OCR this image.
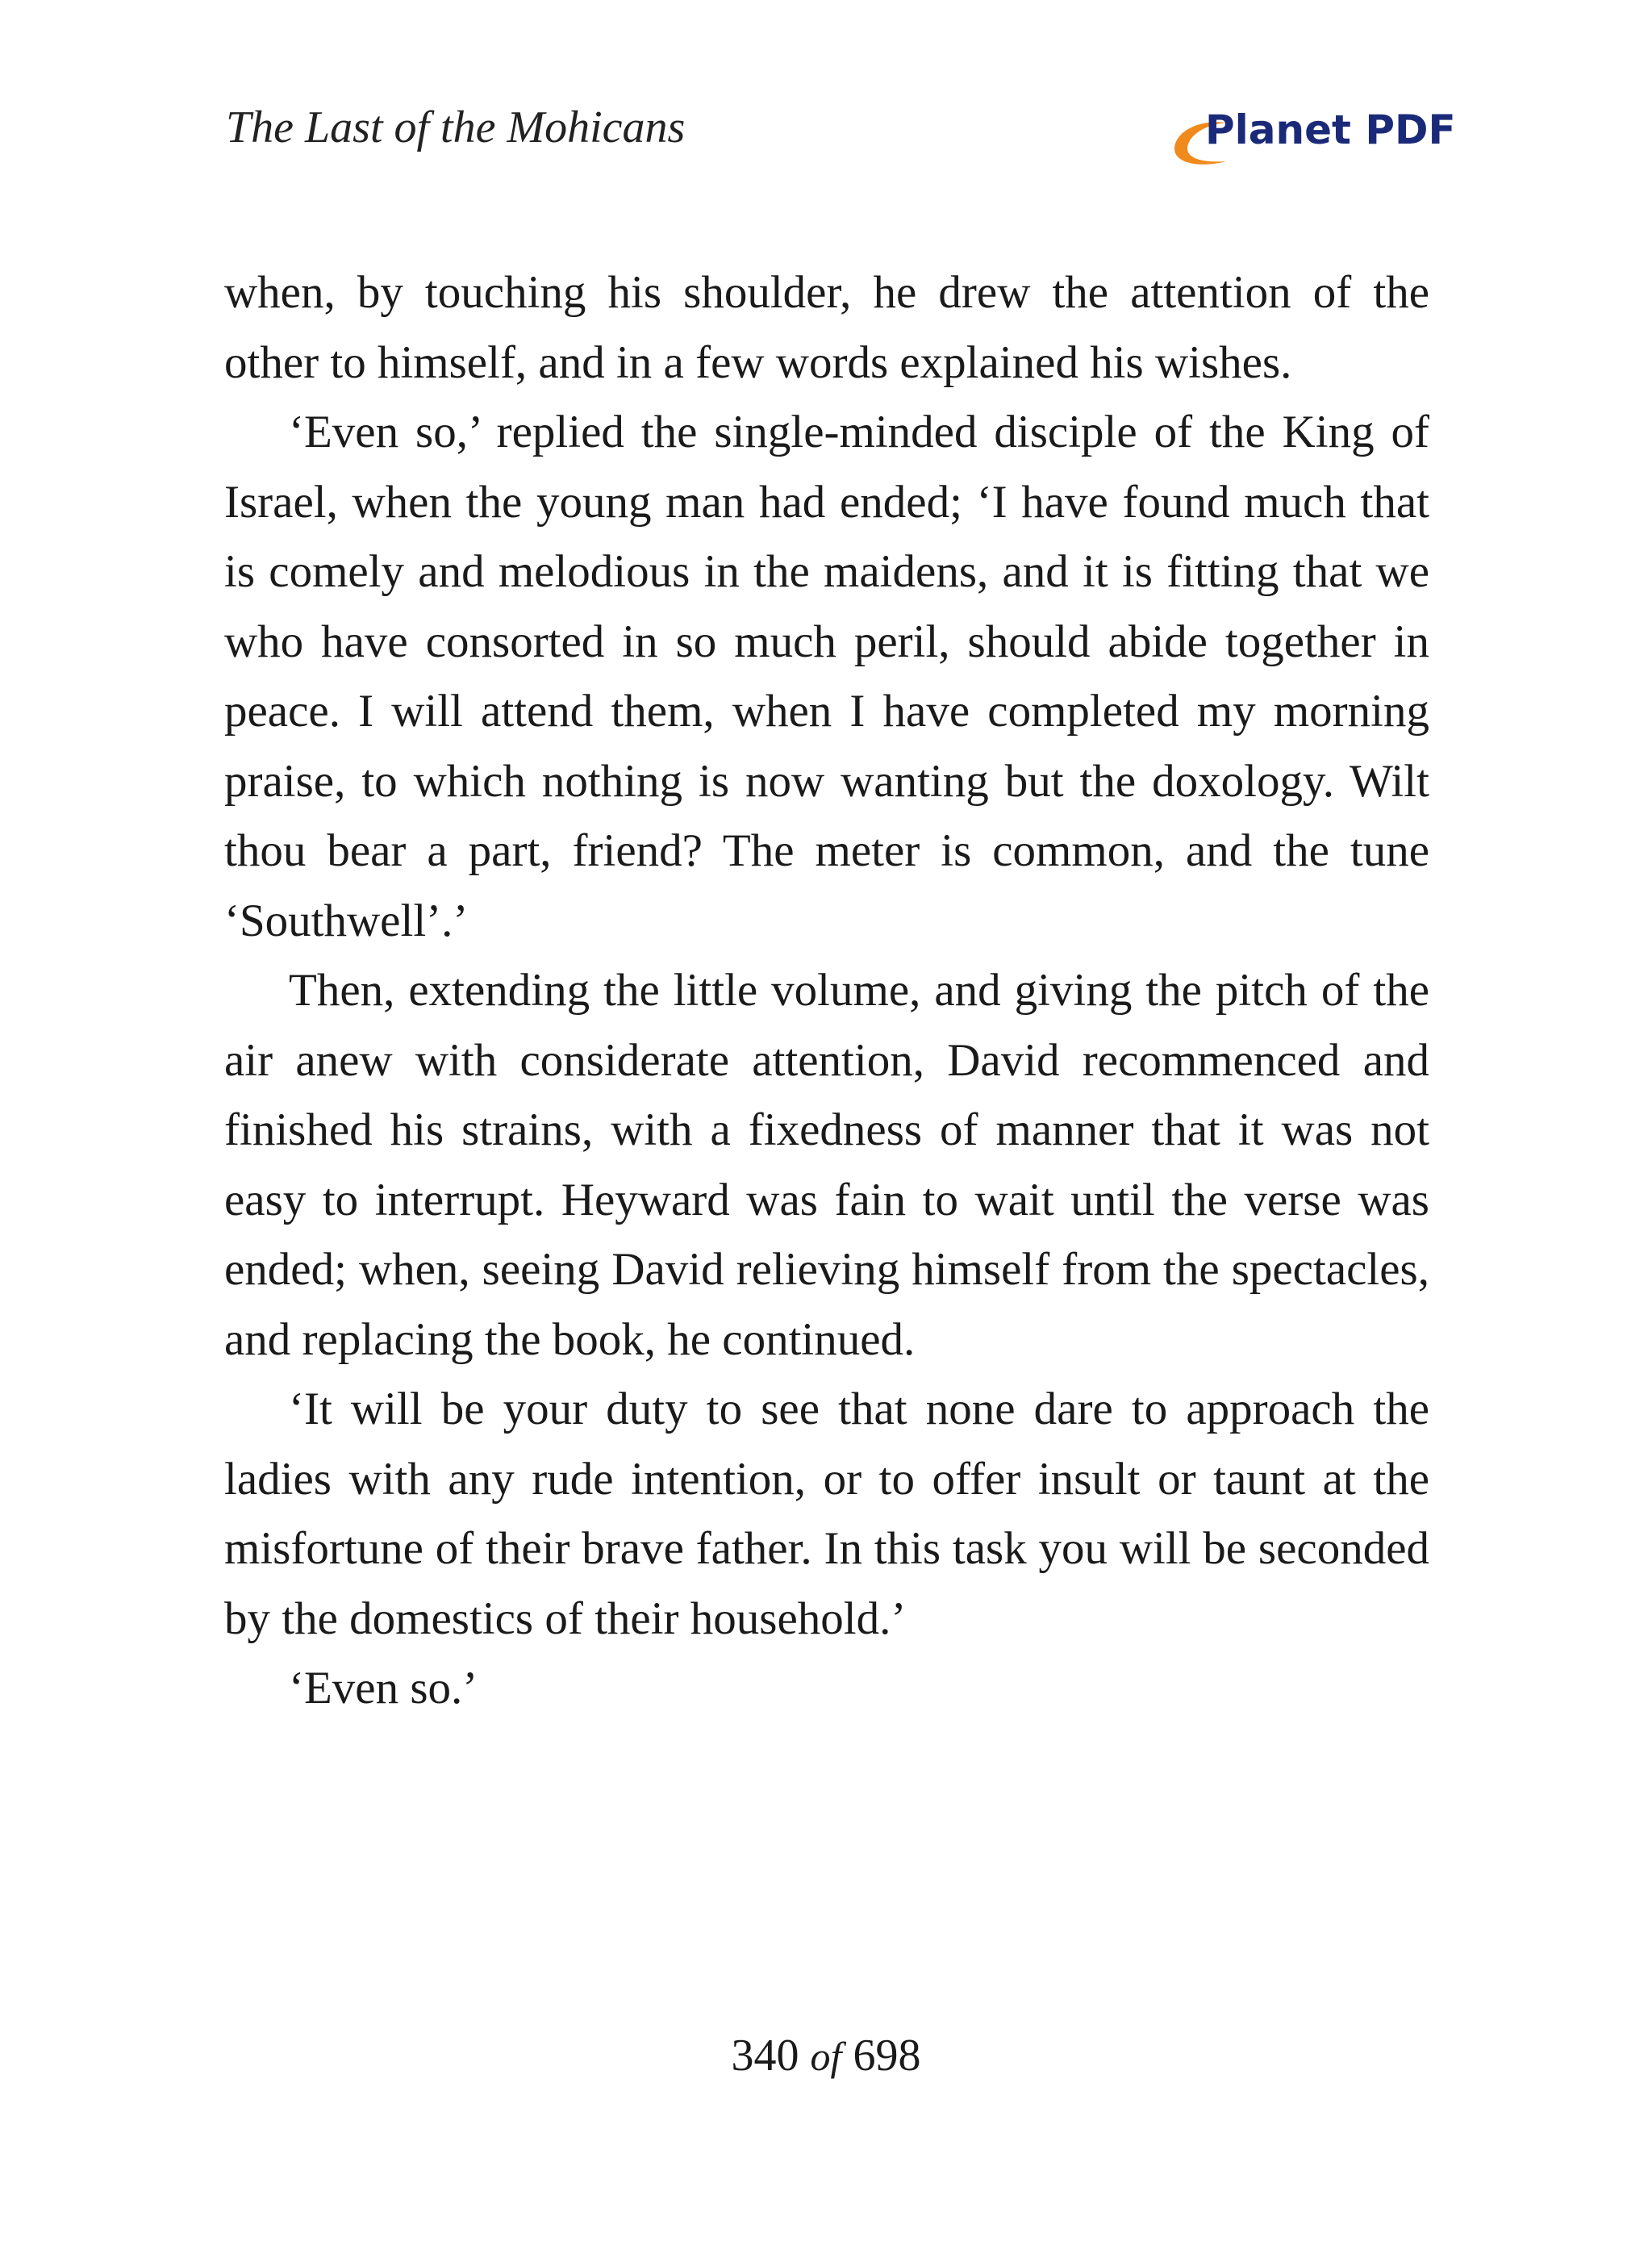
The Last of the Mohicans	Planet PDF

when, by touching his shoulder, he drew the attention of the other to himself, and in a few words explained his wishes.

‘Even so,’ replied the single-minded disciple of the King of Israel, when the young man had ended; ‘I have found much that is comely and melodious in the maidens, and it is fitting that we who have consorted in so much peril, should abide together in peace. I will attend them, when I have completed my morning praise, to which nothing is now wanting but the doxology. Wilt thou bear a part, friend? The meter is common, and the tune ‘Southwell’.’

Then, extending the little volume, and giving the pitch of the air anew with considerate attention, David recommenced and finished his strains, with a fixedness of manner that it was not easy to interrupt. Heyward was fain to wait until the verse was ended; when, seeing David relieving himself from the spectacles, and replacing the book, he continued.

‘It will be your duty to see that none dare to approach the ladies with any rude intention, or to offer insult or taunt at the misfortune of their brave father. In this task you will be seconded by the domestics of their household.’

‘Even so.’

340 of 698
